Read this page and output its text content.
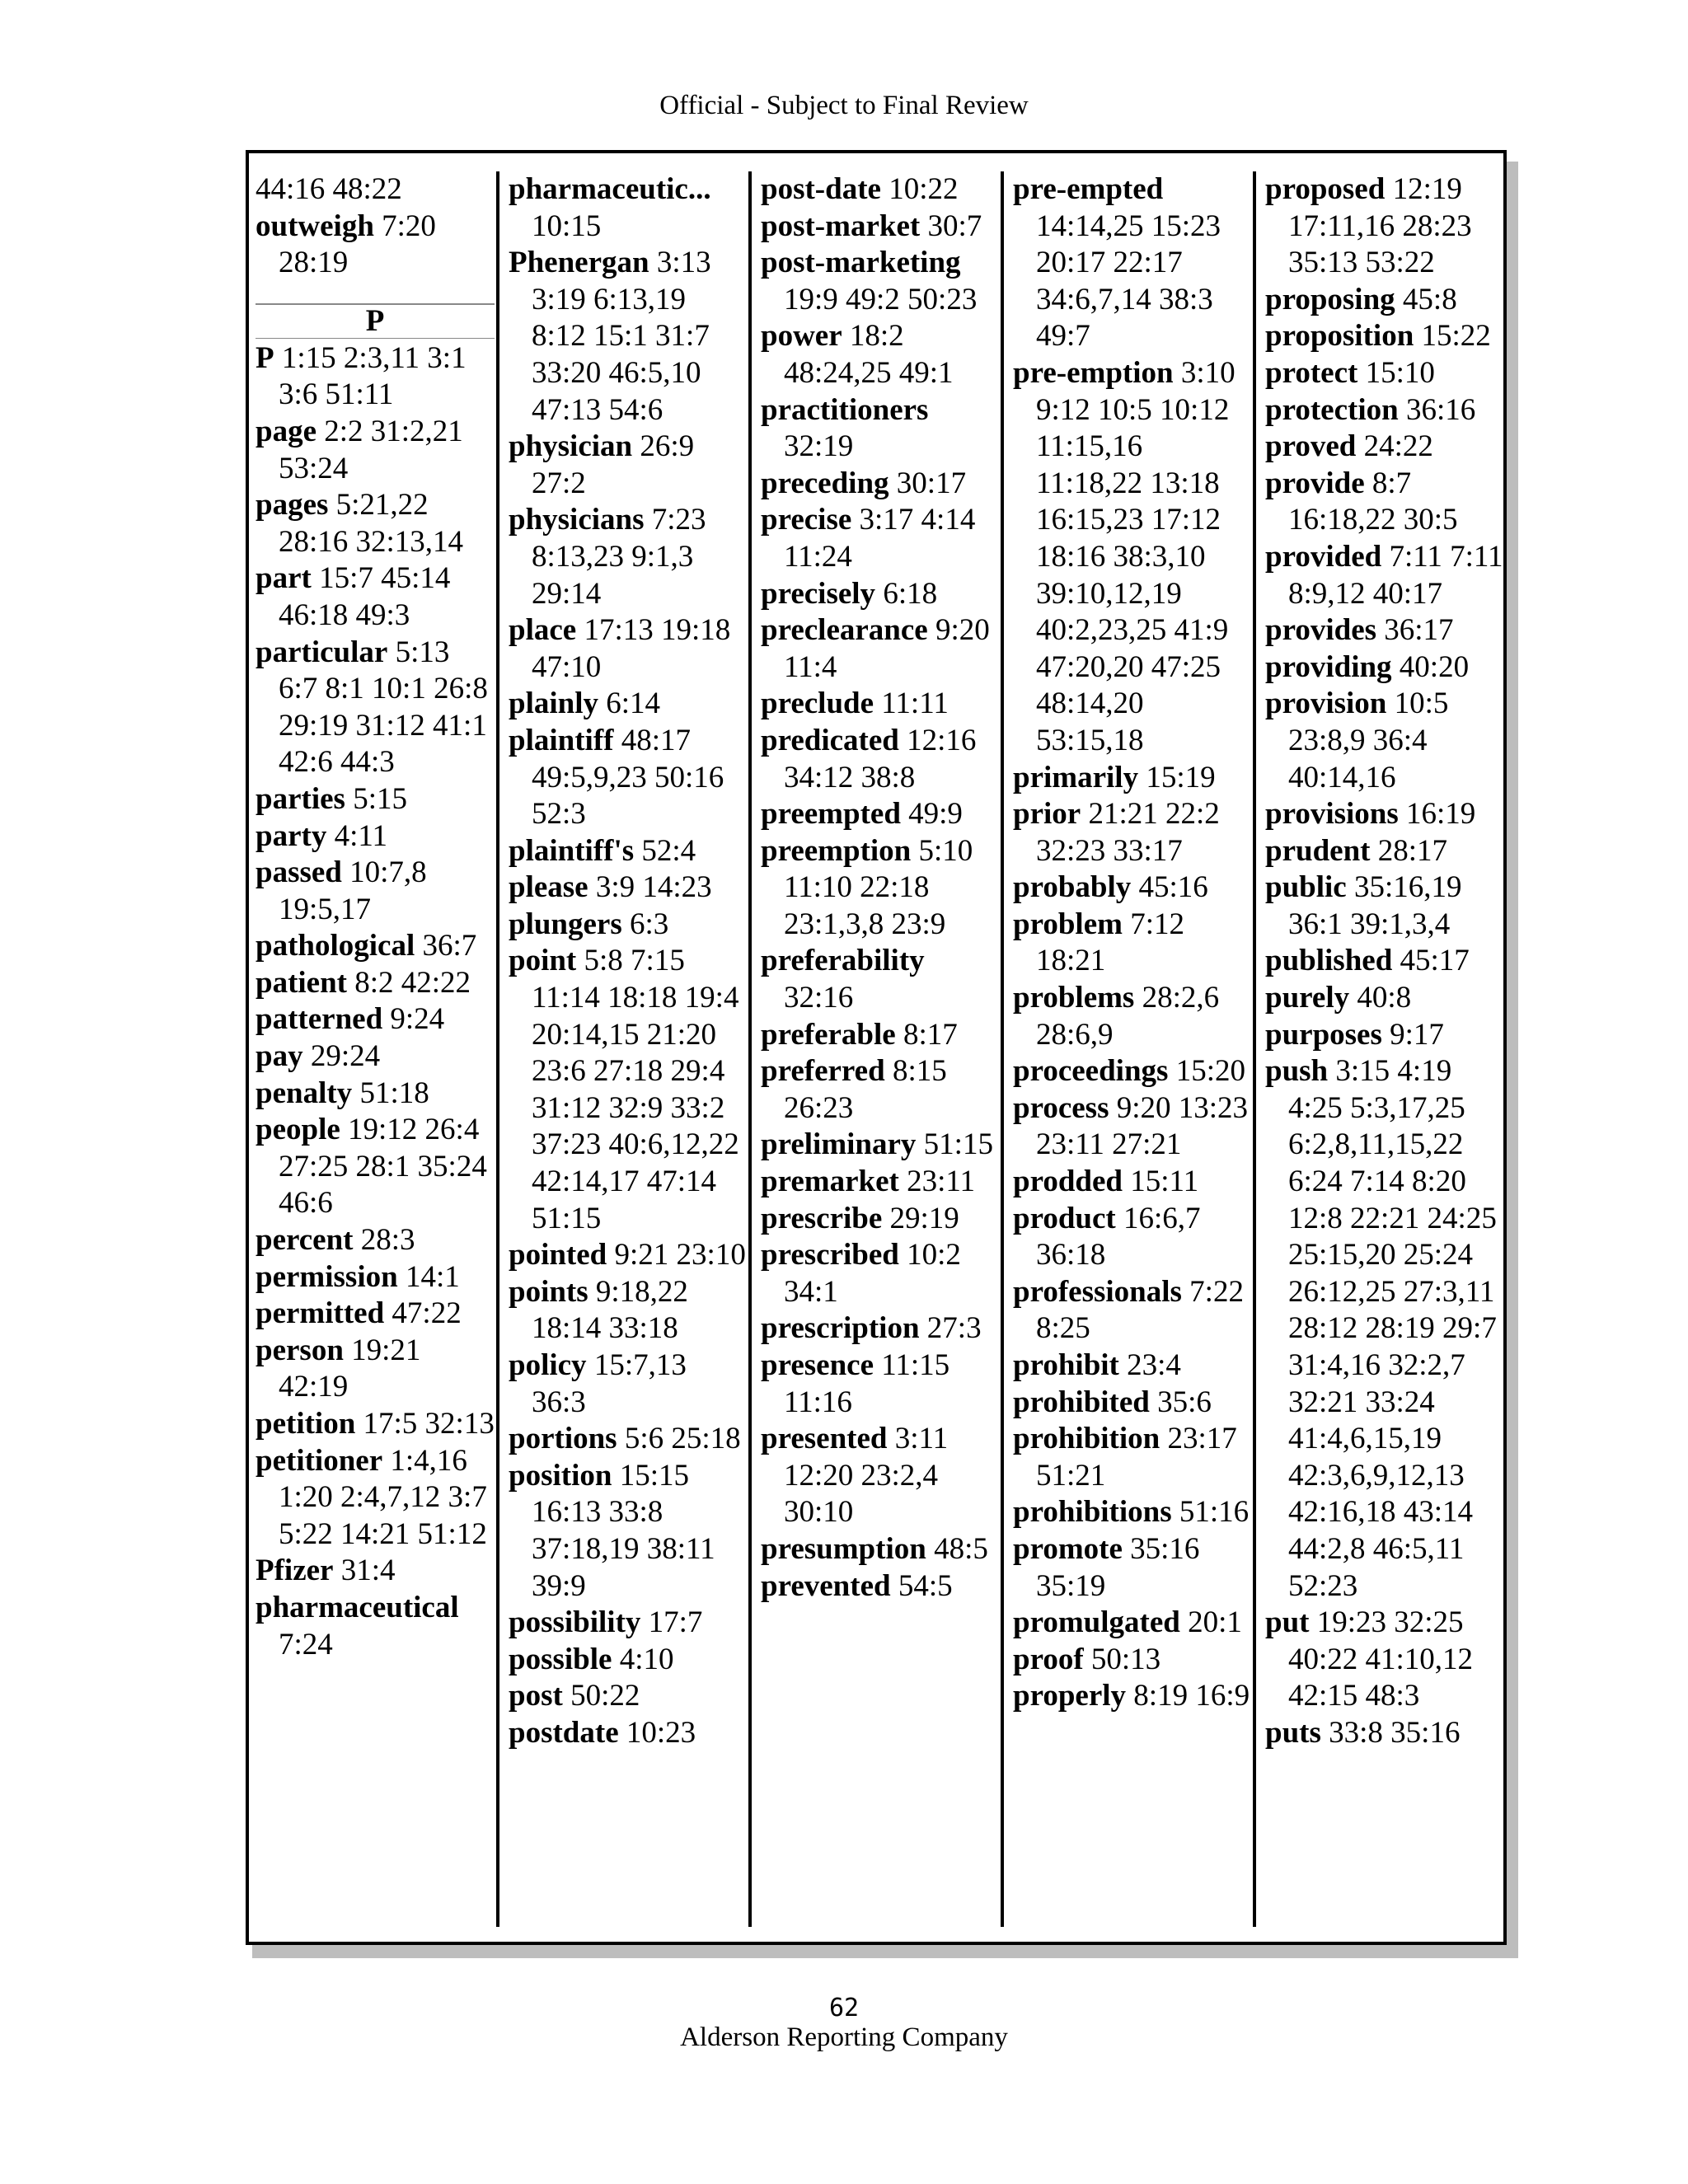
Official - Subject to Final Review
44:16 48:22
outweigh 7:20 28:19
P
P 1:15 2:3,11 3:1 3:6 51:11
page 2:2 31:2,21 53:24
pages 5:21,22 28:16 32:13,14
part 15:7 45:14 46:18 49:3
particular 5:13 6:7 8:1 10:1 26:8 29:19 31:12 41:1 42:6 44:3
parties 5:15
party 4:11
passed 10:7,8 19:5,17
pathological 36:7
patient 8:2 42:22
patterned 9:24
pay 29:24
penalty 51:18
people 19:12 26:4 27:25 28:1 35:24 46:6
percent 28:3
permission 14:1
permitted 47:22
person 19:21 42:19
petition 17:5 32:13
petitioner 1:4,16 1:20 2:4,7,12 3:7 5:22 14:21 51:12
Pfizer 31:4
pharmaceutical 7:24
pharmaceutic... 10:15
Phenergan 3:13 3:19 6:13,19 8:12 15:1 31:7 33:20 46:5,10 47:13 54:6
physician 26:9 27:2
physicians 7:23 8:13,23 9:1,3 29:14
place 17:13 19:18 47:10
plainly 6:14
plaintiff 48:17 49:5,9,23 50:16 52:3
plaintiff's 52:4
please 3:9 14:23
plungers 6:3
point 5:8 7:15 11:14 18:18 19:4 20:14,15 21:20 23:6 27:18 29:4 31:12 32:9 33:2 37:23 40:6,12,22 42:14,17 47:14 51:15
pointed 9:21 23:10
points 9:18,22 18:14 33:18
policy 15:7,13 36:3
portions 5:6 25:18
position 15:15 16:13 33:8 37:18,19 38:11 39:9
possibility 17:7
possible 4:10
post 50:22
postdate 10:23
post-date 10:22
post-market 30:7
post-marketing 19:9 49:2 50:23
power 18:2 48:24,25 49:1
practitioners 32:19
preceding 30:17
precise 3:17 4:14 11:24
precisely 6:18
preclearance 9:20 11:4
preclude 11:11
predicated 12:16 34:12 38:8
preempted 49:9
preemption 5:10 11:10 22:18 23:1,3,8 23:9
preferability 32:16
preferable 8:17
preferred 8:15 26:23
preliminary 51:15
premarket 23:11
prescribe 29:19
prescribed 10:2 34:1
prescription 27:3
presence 11:15 11:16
presented 3:11 12:20 23:2,4 30:10
presumption 48:5
prevented 54:5
pre-empted 14:14,25 15:23 20:17 22:17 34:6,7,14 38:3 49:7
pre-emption 3:10 9:12 10:5 10:12 11:15,16 11:18,22 13:18 16:15,23 17:12 18:16 38:3,10 39:10,12,19 40:2,23,25 41:9 47:20,20 47:25 48:14,20 53:15,18
primarily 15:19
prior 21:21 22:2 32:23 33:17
probably 45:16
problem 7:12 18:21
problems 28:2,6 28:6,9
proceedings 15:20
process 9:20 13:23 23:11 27:21
prodded 15:11
product 16:6,7 36:18
professionals 7:22 8:25
prohibit 23:4
prohibited 35:6
prohibition 23:17 51:21
prohibitions 51:16
promote 35:16 35:19
promulgated 20:1
proof 50:13
properly 8:19 16:9
proposed 12:19 17:11,16 28:23 35:13 53:22
proposing 45:8
proposition 15:22
protect 15:10
protection 36:16
proved 24:22
provide 8:7 16:18,22 30:5
provided 7:11 7:11 8:9,12 40:17
provides 36:17
providing 40:20
provision 10:5 23:8,9 36:4 40:14,16
provisions 16:19
prudent 28:17
public 35:16,19 36:1 39:1,3,4
published 45:17
purely 40:8
purposes 9:17
push 3:15 4:19 4:25 5:3,17,25 6:2,8,11,15,22 6:24 7:14 8:20 12:8 22:21 24:25 25:15,20 25:24 26:12,25 27:3,11 28:12 28:19 29:7 31:4,16 32:2,7 32:21 33:24 41:4,6,15,19 42:3,6,9,12,13 42:16,18 43:14 44:2,8 46:5,11 52:23
put 19:23 32:25 40:22 41:10,12 42:15 48:3
puts 33:8 35:16
62
Alderson Reporting Company
